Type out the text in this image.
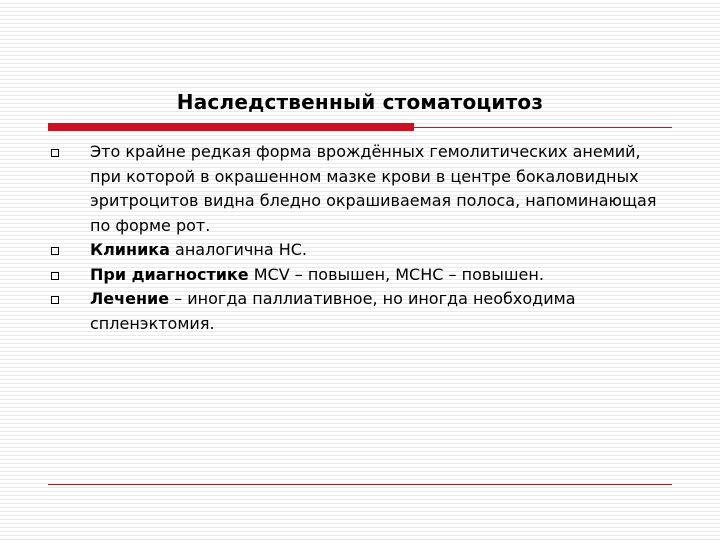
Наследственный стоматоцитоз
Это крайне редкая форма врождённых гемолитических анемий, при которой в окрашенном мазке крови в центре бокаловидных эритроцитов видна бледно окрашиваемая полоса, напоминающая по форме рот.
Клиника аналогична НС.
При диагностике MCV – повышен, MCHC – повышен.
Лечение – иногда паллиативное, но иногда необходима спленэктомия.
